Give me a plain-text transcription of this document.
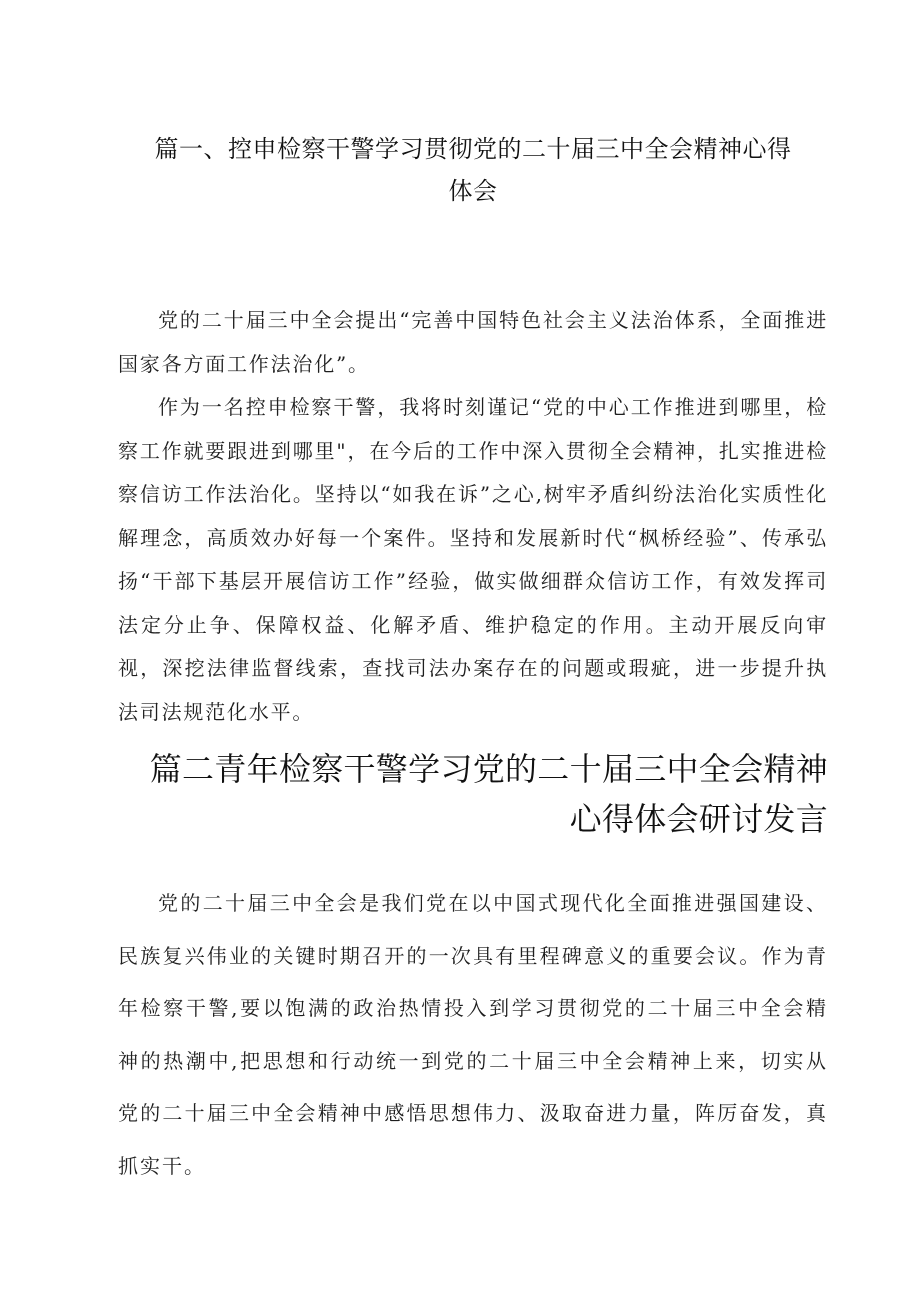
篇一、控申检察干警学习贯彻党的二十届三中全会精神心得体会

党的二十届三中全会提出“完善中国特色社会主义法治体系，全面推进国家各方面工作法治化”。

作为一名控申检察干警，我将时刻谨记“党的中心工作推进到哪里，检察工作就要跟进到哪里"，在今后的工作中深入贯彻全会精神，扎实推进检察信访工作法治化。坚持以“如我在诉”之心,树牢矛盾纠纷法治化实质性化解理念，高质效办好每一个案件。坚持和发展新时代“枫桥经验”、传承弘扬“干部下基层开展信访工作”经验，做实做细群众信访工作，有效发挥司法定分止争、保障权益、化解矛盾、维护稳定的作用。主动开展反向审视，深挖法律监督线索，查找司法办案存在的问题或瑕疵，进一步提升执法司法规范化水平。

篇二青年检察干警学习党的二十届三中全会精神心得体会研讨发言

党的二十届三中全会是我们党在以中国式现代化全面推进强国建设、民族复兴伟业的关键时期召开的一次具有里程碑意义的重要会议。作为青年检察干警,要以饱满的政治热情投入到学习贯彻党的二十届三中全会精神的热潮中,把思想和行动统一到党的二十届三中全会精神上来，切实从党的二十届三中全会精神中感悟思想伟力、汲取奋进力量，阵厉奋发，真抓实干。
